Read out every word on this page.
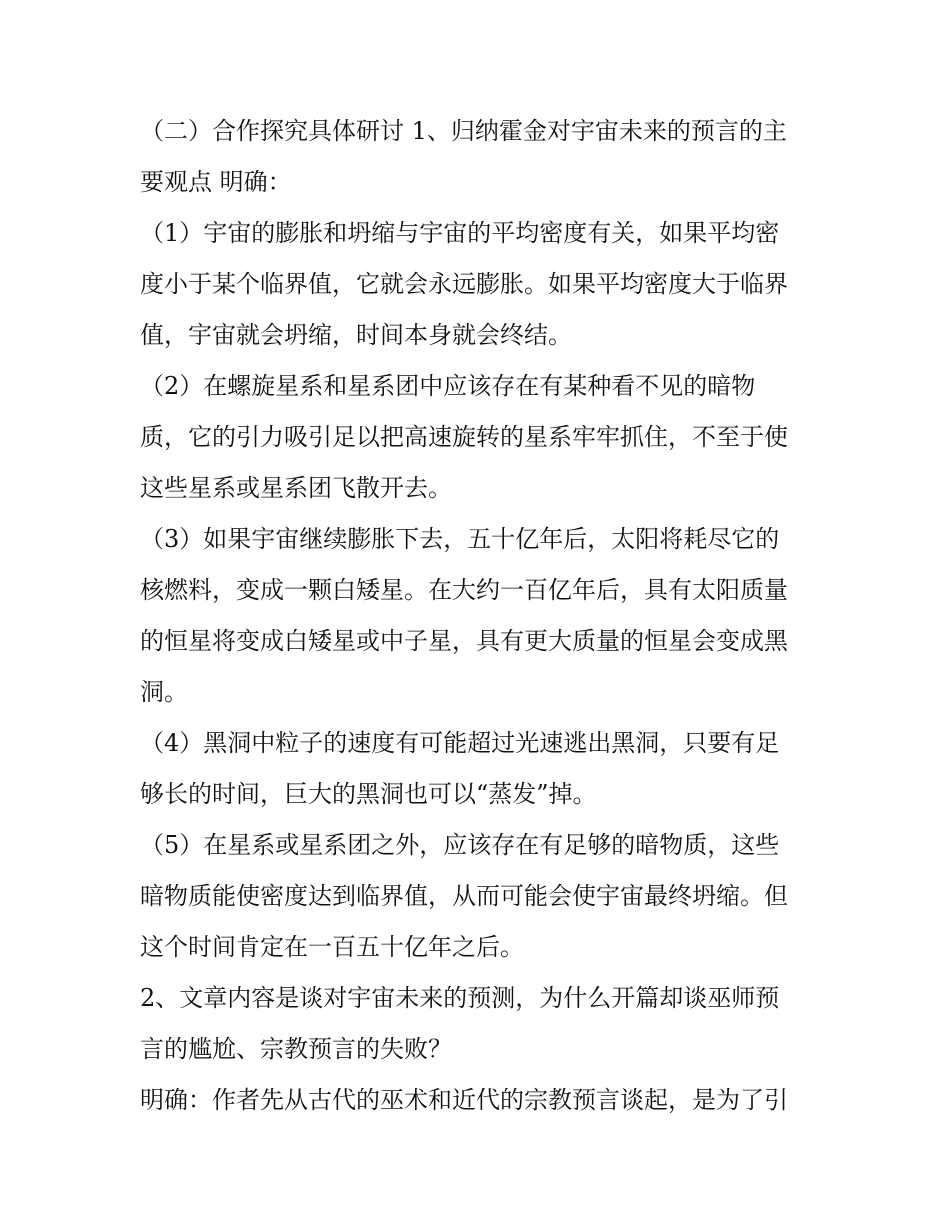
（二）合作探究具体研讨 1、归纳霍金对宇宙未来的预言的主
要观点 明确：
（1）宇宙的膨胀和坍缩与宇宙的平均密度有关，如果平均密
度小于某个临界值，它就会永远膨胀。如果平均密度大于临界
值，宇宙就会坍缩，时间本身就会终结。
（2）在螺旋星系和星系团中应该存在有某种看不见的暗物
质，它的引力吸引足以把高速旋转的星系牢牢抓住，不至于使
这些星系或星系团飞散开去。
（3）如果宇宙继续膨胀下去，五十亿年后，太阳将耗尽它的
核燃料，变成一颗白矮星。在大约一百亿年后，具有太阳质量
的恒星将变成白矮星或中子星，具有更大质量的恒星会变成黑
洞。
（4）黑洞中粒子的速度有可能超过光速逃出黑洞，只要有足
够长的时间，巨大的黑洞也可以“蒸发”掉。
（5）在星系或星系团之外，应该存在有足够的暗物质，这些
暗物质能使密度达到临界值，从而可能会使宇宙最终坍缩。但
这个时间肯定在一百五十亿年之后。
2、文章内容是谈对宇宙未来的预测，为什么开篇却谈巫师预
言的尴尬、宗教预言的失败？
明确：作者先从古代的巫术和近代的宗教预言谈起，是为了引
